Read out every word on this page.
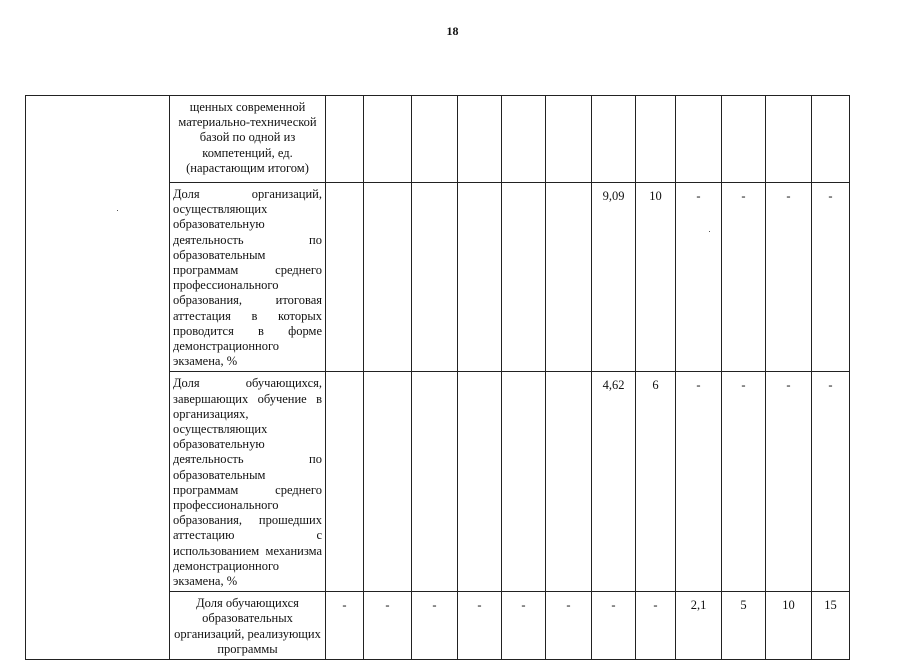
18
	щенных современной материально-технической базой по одной из компетенций, ед. (нарастающим итогом)												
	Доля организаций, осуществляющих образовательную деятельность по образовательным программам среднего профессионального образования, итоговая аттестация в которых проводится в форме демонстрационного экзамена, %							9,09	10	-	-	-	-
	Доля обучающихся, завершающих обучение в организациях, осуществляющих образовательную деятельность по образовательным программам среднего профессионального образования, прошедших аттестацию с использованием механизма демонстрационного экзамена, %							4,62	6	-	-	-	-
	Доля обучающихся образовательных организаций, реализующих программы	-	-	-	-	-	-	-	-	2,1	5	10	15
